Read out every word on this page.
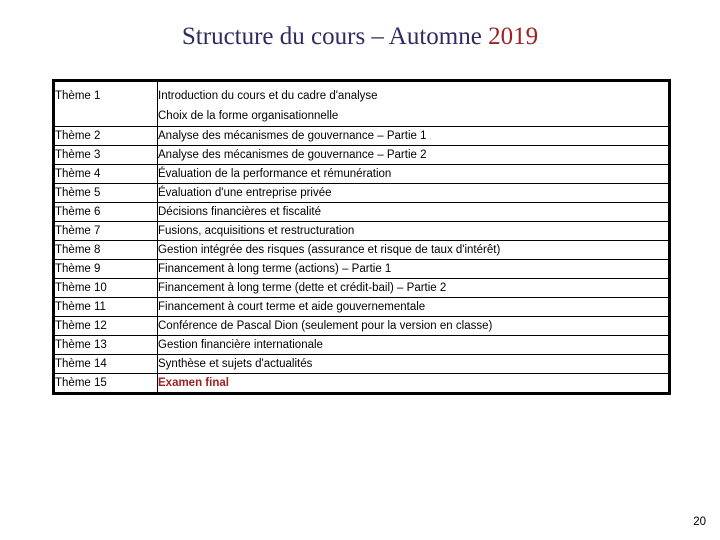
Structure du cours – Automne 2019
Thème 1	Introduction du cours et du cadre d'analyse
Choix de la forme organisationnelle

Thème 2	Analyse des mécanismes de gouvernance – Partie 1

Thème 3	Analyse des mécanismes de gouvernance – Partie 2

Thème 4	Évaluation de la performance et rémunération

Thème 5	Évaluation d'une entreprise privée

Thème 6	Décisions financières et fiscalité

Thème 7	Fusions, acquisitions et restructuration

Thème 8	Gestion intégrée des risques (assurance et risque de taux d'intérêt)

Thème 9	Financement à long terme (actions) – Partie 1

Thème 10	Financement à long terme (dette et crédit-bail) – Partie 2

Thème 11	Financement à court terme et aide gouvernementale

Thème 12	Conférence de Pascal Dion (seulement pour la version en classe)

Thème 13	Gestion financière internationale

Thème 14	Synthèse et sujets d'actualités

Thème 15	Examen final
20
